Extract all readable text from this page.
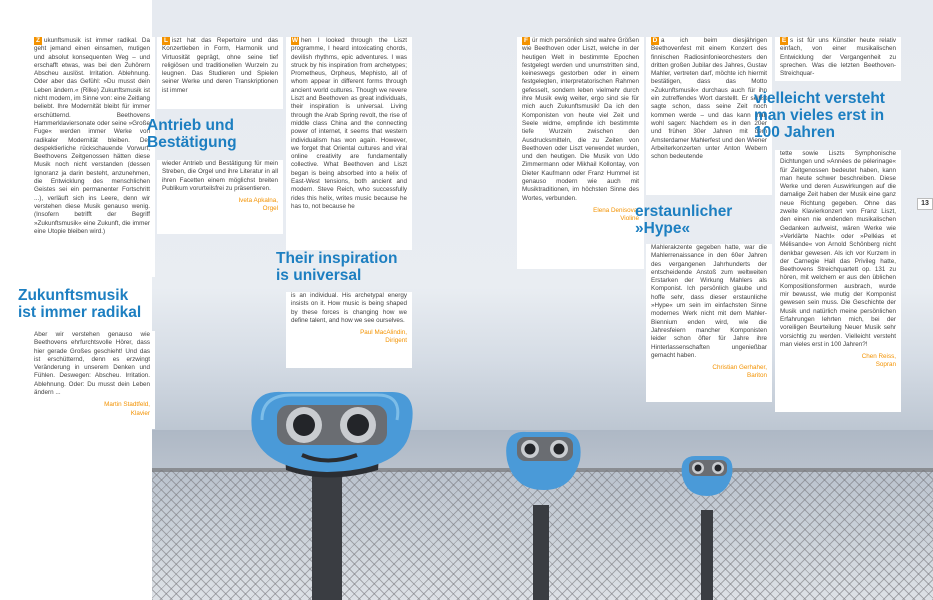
Z ukunftsmusik ist immer radikal. Da geht jemand einen einsamen, mutigen und absolut konsequenten Weg – und erschafft etwas, was bei den Zuhörern Abscheu auslöst. Irritation. Ablehnung. Oder aber das Gefühl: »Du musst dein Leben ändern.« (Rilke) Zukunftsmusik ist nicht modern, im Sinne von: eine Zeitlang beliebt. Ihre Modernität bleibt für immer erschütternd. Beethovens Hammerklaviersonate oder seine »Große Fuge« werden immer Werke von radikaler Modernität bleiben. Der despektierliche rückschauende Vorwurf, Beethovens Zeitgenossen hätten diese Musik noch nicht verstanden (dessen Ignoranz ja darin besteht, anzunehmen, die Entwicklung des menschlichen Geistes sei ein permanenter Fortschritt ...), verläuft sich ins Leere, denn wir verstehen diese Musik genauso wenig. (Insofern betrifft der Begriff »Zukunftsmusik« eine Zukunft, die immer eine Utopie bleiben wird.)

Zukunftsmusik
ist immer radikal

Aber wir verstehen genauso wie Beethovens ehrfurchtsvolle Hörer, dass hier gerade Großes geschieht! Und das ist erschütternd, denn es erzwingt Veränderung in unserem Denken und Fühlen. Deswegen: Abscheu. Irritation. Ablehnung. Oder: Du musst dein Leben ändern ...

Martin Stadtfeld,
Klavier

L iszt hat das Repertoire und das Konzertleben in Form, Harmonik und Virtuosität geprägt, ohne seine tief religiösen und traditionellen Wurzeln zu leugnen. Das Studieren und Spielen seiner Werke und deren Transkriptionen ist immer

Antrieb und
Bestätigung

wieder Antrieb und Bestätigung für mein Streben, die Orgel und ihre Literatur in all ihren Facetten einem möglichst breiten Publikum vorurteilsfrei zu präsentieren.

Iveta Apkalna,
Orgel

W hen I looked through the Liszt programme, I heard intoxicating chords, devilish rhythms, epic adventures. I was struck by his inspiration from archetypes; Prometheus, Orpheus, Mephisto, all of whom appear in different forms through ancient world cultures. Though we revere Liszt and Beethoven as great individuals, their inspiration is universal. Living through the Arab Spring revolt, the rise of middle class China and the connecting power of internet, it seems that western individualism has won again. However, we forget that Oriental cultures and viral online creativity are fundamentally collective. What Beethoven and Liszt began is being absorbed into a helix of East-West tensions, both ancient and modern. Steve Reich, who successfully rides this helix, writes music because he has to, not because he

Their inspiration
is universal

is an individual. His archetypal energy insists on it. How music is being shaped by these forces is changing how we define talent, and how we see ourselves.

Paul MacAlindin,
Dirigent

F ür mich persönlich sind wahre Größen wie Beethoven oder Liszt, welche in der heutigen Welt in bestimmte Epochen festgelegt werden und unumstritten sind, keineswegs gestorben oder in einem festgelegten, interpretatorischen Rahmen gefesselt, sondern leben vielmehr durch ihre Musik ewig weiter, ergo sind sie für mich auch Zukunftsmusik! Da ich den Komponisten von heute viel Zeit und Seele widme, empfinde ich bestimmte tiefe Wurzeln zwischen den Ausdrucksmitteln, die zu Zeiten von Beethoven oder Liszt verwendet wurden, und den heutigen. Die Musik von Udo Zimmermann oder Mikhail Kollontay, von Dieter Kaufmann oder Franz Hummel ist genauso modern wie auch mit Musiktraditionen, im höchsten Sinne des Wortes, verbunden.

Elena Denisova,
Violine

D a ich beim diesjährigen Beethovenfest mit einem Konzert des finnischen Radiosinfonieorchesters den dritten großen Jubilar des Jahres, Gustav Mahler, vertreten darf, möchte ich hiermit bestätigen, dass das Motto »Zukunftsmusik« durchaus auch für ihn ein zutreffendes Wort darstellt. Er selbst sagte schon, dass seine Zeit noch kommen werde – und das kann man wohl sagen: Nachdem es in den 20er und frühen 30er Jahren mit dem Amsterdamer Mahlerfest und den Wiener Arbeiterkonzerten unter Anton Webern schon bedeutende

erstaunlicher
»Hype«

Mahlerakzente gegeben hatte, war die Mahlerrenaissance in den 60er Jahren des vergangenen Jahrhunderts der entscheidende Anstoß zum weltweiten Erstarken der Wirkung Mahlers als Komponist. Ich persönlich glaube und hoffe sehr, dass dieser erstaunliche »Hype« um sein im einfachsten Sinne modernes Werk nicht mit dem Mahler-Biennium enden wird, wie die Jahresfeiern mancher Komponisten leider schon öfter für Jahre ihre Hinterlassenschaften ungenießbar gemacht haben.

Christian Gerhaher,
Bariton

E s ist für uns Künstler heute relativ einfach, von einer musikalischen Entwicklung der Vergangenheit zu sprechen. Was die letzten Beethoven-Streichquar-

vielleicht versteht
man vieles erst in
100 Jahren

tette sowie Liszts Symphonische Dichtungen und »Années de pèlerinage« für Zeitgenossen bedeutet haben, kann man heute schwer beschreiben. Diese Werke und deren Auswirkungen auf die damalige Zeit haben der Musik eine ganz neue Richtung gegeben. Ohne das zweite Klavierkonzert von Franz Liszt, den einen nie endenden musikalischen Gedanken aufweist, wären Werke wie »Verklärte Nacht« oder »Pelléas et Mélisande« von Arnold Schönberg nicht denkbar gewesen. Als ich vor Kurzem in der Carnegie Hall das Privileg hatte, Beethovens Streichquartett op. 131 zu hören, mit welchem er aus den üblichen Kompositionsformen ausbrach, wurde mir bewusst, wie mutig der Komponist gewesen sein muss. Die Geschichte der Musik und natürlich meine persönlichen Erfahrungen lehrten mich, bei der voreiligen Beurteilung Neuer Musik sehr vorsichtig zu werden. Vielleicht versteht man vieles erst in 100 Jahren?!

Chen Reiss,
Sopran
13
